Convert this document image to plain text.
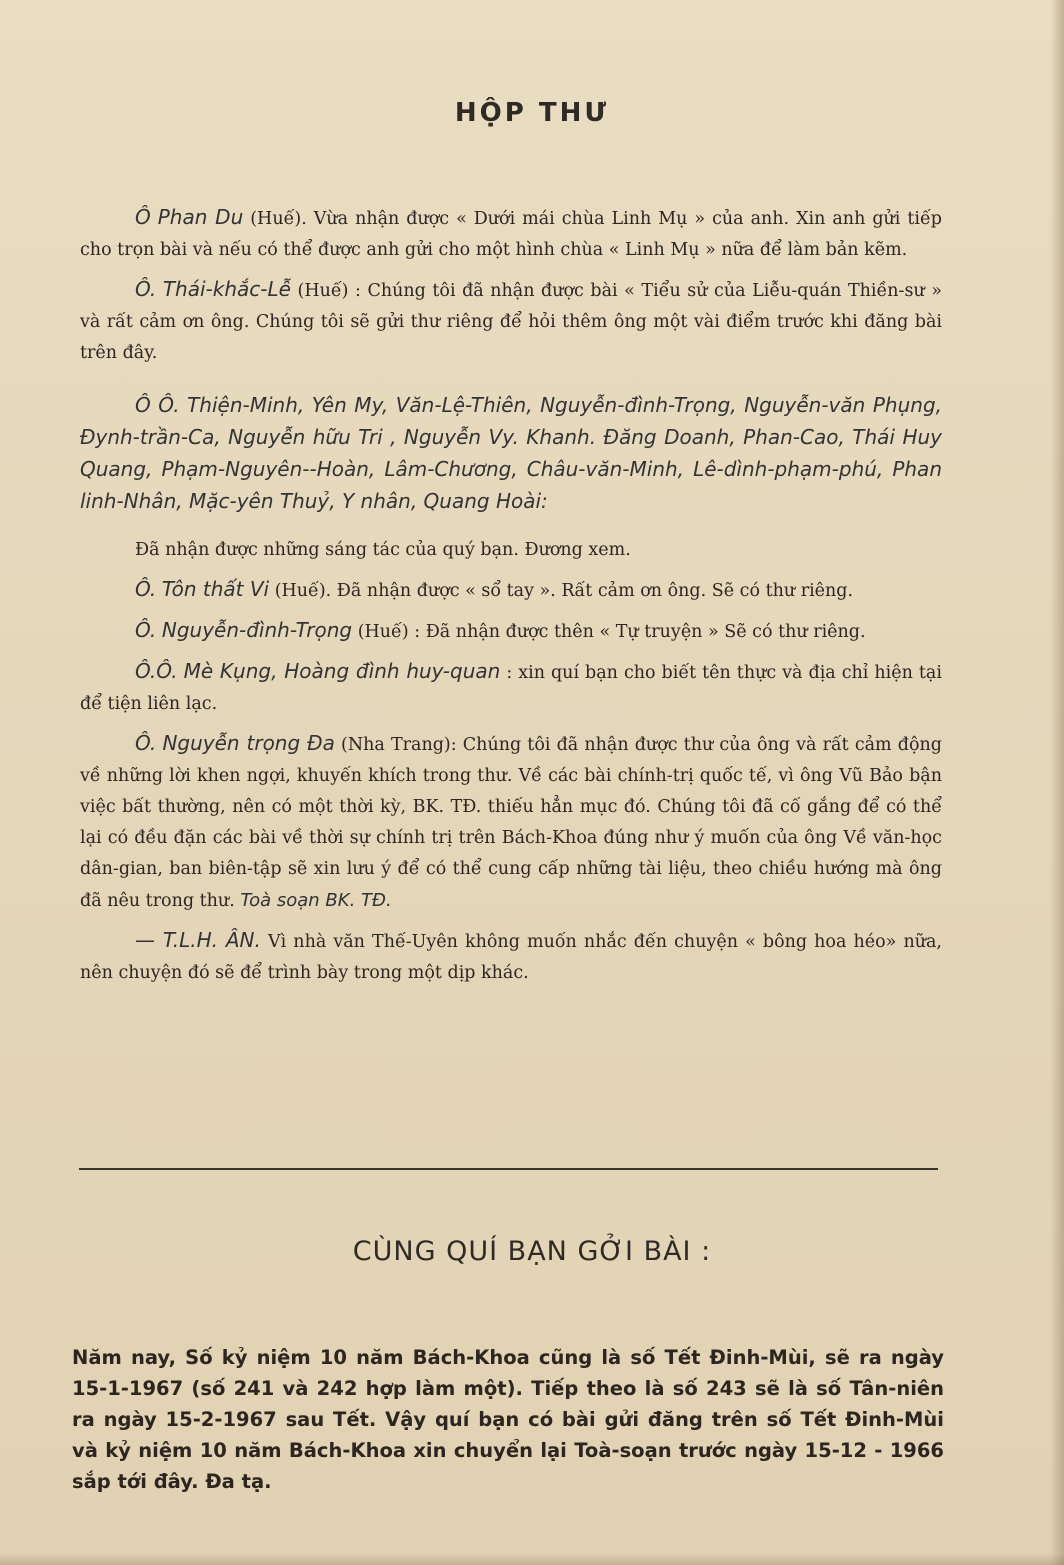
HỘP THƯ

Ô Phan Du (Huế). Vừa nhận được « Dưới mái chùa Linh Mụ » của anh. Xin anh gửi tiếp cho trọn bài và nếu có thể được anh gửi cho một hình chùa « Linh Mụ » nữa để làm bản kẽm.

Ô. Thái-khắc-Lễ (Huế) : Chúng tôi đã nhận được bài « Tiểu sử của Liễu-quán Thiền-sư » và rất cảm ơn ông. Chúng tôi sẽ gửi thư riêng để hỏi thêm ông một vài điểm trước khi đăng bài trên đây.

Ô Ô. Thiện-Minh, Yên My, Văn-Lệ-Thiên, Nguyễn-đình-Trọng, Nguyễn-văn Phụng, Đynh-trần-Ca, Nguyễn hữu Tri , Nguyễn Vy. Khanh. Đăng Doanh, Phan-Cao, Thái Huy Quang, Phạm-Nguyên--Hoàn, Lâm-Chương, Châu-văn-Minh, Lê-dình-phạm-phú, Phan linh-Nhân, Mặc-yên Thuỷ, Y nhân, Quang Hoài:

Đã nhận được những sáng tác của quý bạn. Đương xem.

Ô. Tôn thất Vi (Huế). Đã nhận được « sổ tay ». Rất cảm ơn ông. Sẽ có thư riêng.

Ô. Nguyễn-đình-Trọng (Huế) : Đã nhận được thên « Tự truyện » Sẽ có thư riêng.

Ô.Ô. Mè Kụng, Hoàng đình huy-quan : xin quí bạn cho biết tên thực và địa chỉ hiện tại để tiện liên lạc.

Ô. Nguyễn trọng Đa (Nha Trang): Chúng tôi đã nhận được thư của ông và rất cảm động về những lời khen ngợi, khuyến khích trong thư. Về các bài chính-trị quốc tế, vì ông Vũ Bảo bận việc bất thường, nên có một thời kỳ, BK. TĐ. thiếu hẳn mục đó. Chúng tôi đã cố gắng để có thể lại có đều đặn các bài về thời sự chính trị trên Bách-Khoa đúng như ý muốn của ông Về văn-học dân-gian, ban biên-tập sẽ xin lưu ý để có thể cung cấp những tài liệu, theo chiều hướng mà ông đã nêu trong thư. Toà soạn BK. TĐ.

— T.L.H. ÂN. Vì nhà văn Thế-Uyên không muốn nhắc đến chuyện « bông hoa héo» nữa, nên chuyện đó sẽ để trình bày trong một dịp khác.

CÙNG QUÍ BẠN GỞI BÀI :
Năm nay, Số kỷ niệm 10 năm Bách-Khoa cũng là số Tết Đinh-Mùi, sẽ ra ngày 15-1-1967 (số 241 và 242 hợp làm một). Tiếp theo là số 243 sẽ là số Tân-niên ra ngày 15-2-1967 sau Tết. Vậy quí bạn có bài gửi đăng trên số Tết Đinh-Mùi và kỷ niệm 10 năm Bách-Khoa xin chuyển lại Toà-soạn trước ngày 15-12 - 1966 sắp tới đây. Đa tạ.
